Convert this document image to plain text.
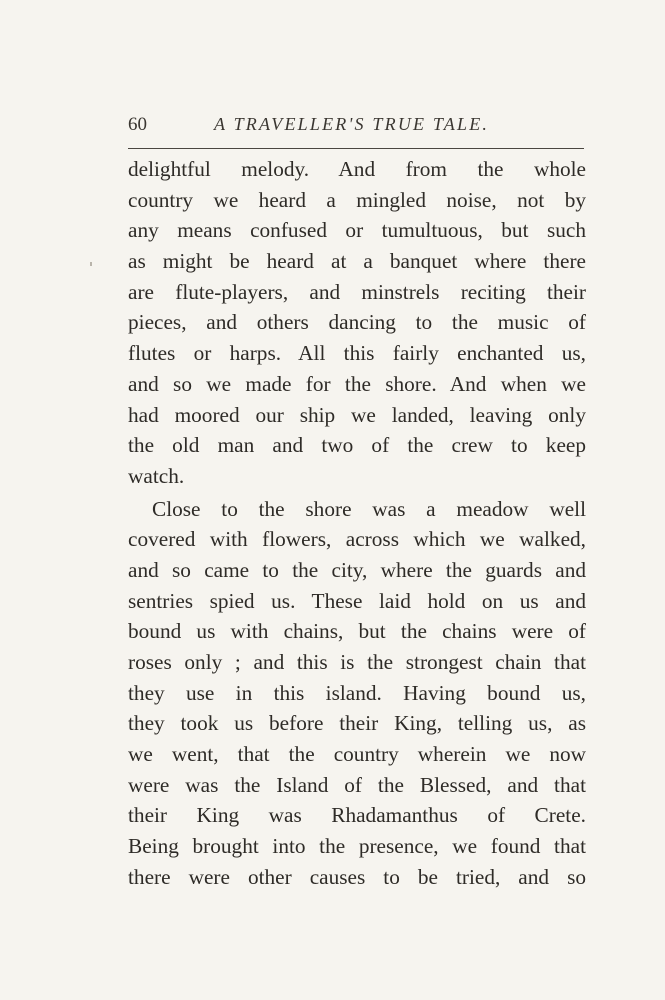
60	A TRAVELLER'S TRUE TALE.
delightful melody. And from the whole
country we heard a mingled noise, not by
any means confused or tumultuous, but such
as might be heard at a banquet where there
are flute-players, and minstrels reciting their
pieces, and others dancing to the music of
flutes or harps. All this fairly enchanted us,
and so we made for the shore. And when we
had moored our ship we landed, leaving only
the old man and two of the crew to keep
watch.
Close to the shore was a meadow well
covered with flowers, across which we walked,
and so came to the city, where the guards and
sentries spied us. These laid hold on us and
bound us with chains, but the chains were of
roses only ; and this is the strongest chain that
they use in this island. Having bound us,
they took us before their King, telling us, as
we went, that the country wherein we now
were was the Island of the Blessed, and that
their King was Rhadamanthus of Crete.
Being brought into the presence, we found that
there were other causes to be tried, and so
